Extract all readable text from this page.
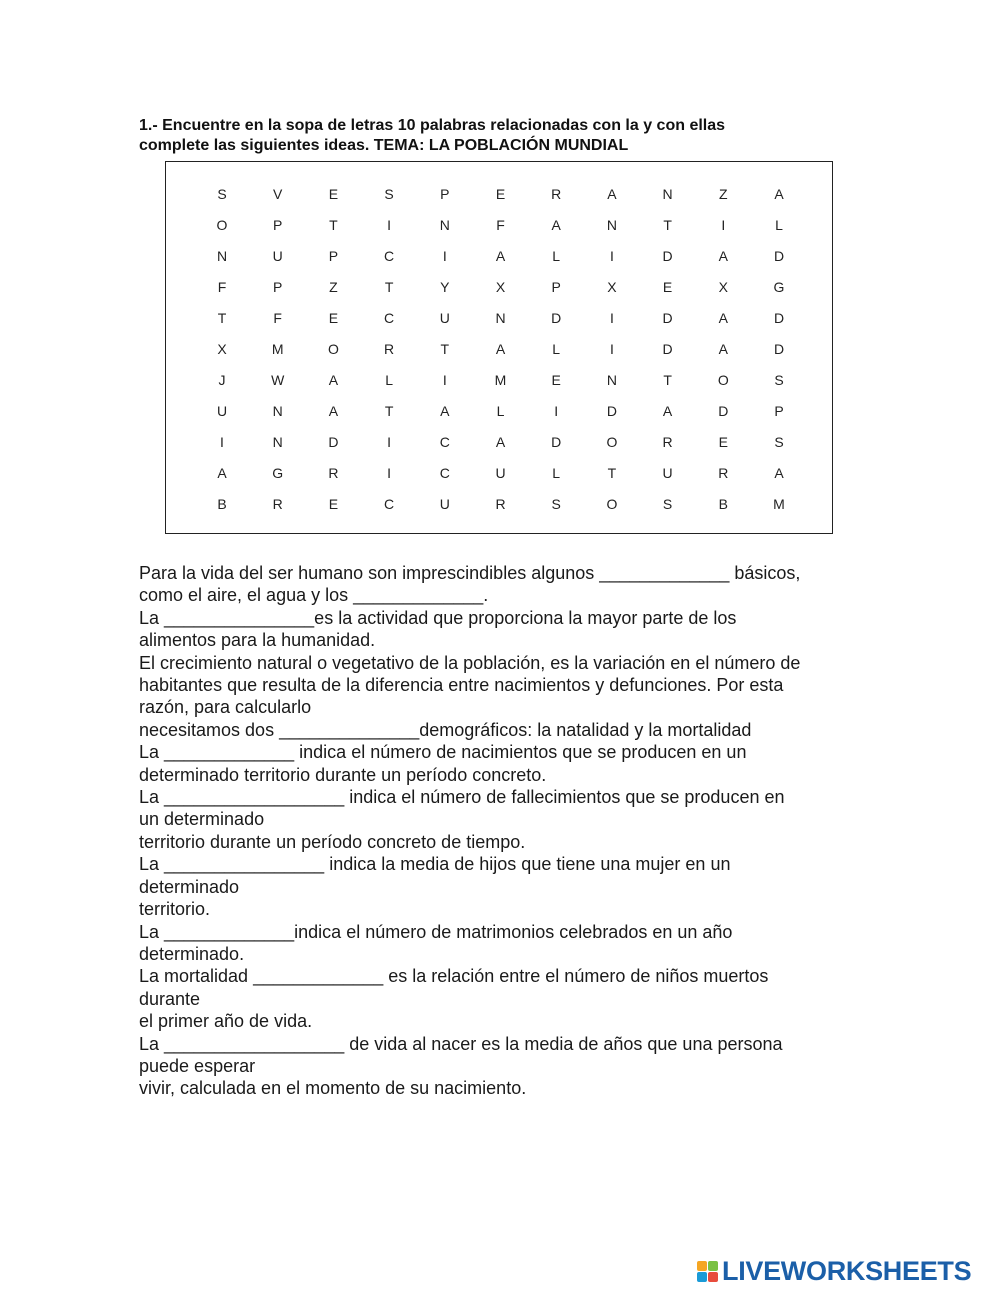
1.- Encuentre en la sopa de letras 10 palabras relacionadas con la y con ellas
complete las siguientes ideas. TEMA: LA POBLACIÓN MUNDIAL
S	V	E	S	P	E	R	A	N	Z	A
O	P	T	I	N	F	A	N	T	I	L
N	U	P	C	I	A	L	I	D	A	D
F	P	Z	T	Y	X	P	X	E	X	G
T	F	E	C	U	N	D	I	D	A	D
X	M	O	R	T	A	L	I	D	A	D
J	W	A	L	I	M	E	N	T	O	S
U	N	A	T	A	L	I	D	A	D	P
I	N	D	I	C	A	D	O	R	E	S
A	G	R	I	C	U	L	T	U	R	A
B	R	E	C	U	R	S	O	S	B	M

Para la vida del ser humano son imprescindibles algunos _____________ básicos,

como el aire, el agua y los _____________.

La _______________es la actividad que proporciona la mayor parte de los

alimentos para la humanidad.

El crecimiento natural o vegetativo de la población, es la variación en el número de

habitantes que resulta de la diferencia entre nacimientos y defunciones. Por esta

razón, para calcularlo

necesitamos dos ______________demográficos: la natalidad y la mortalidad

La _____________ indica el número de nacimientos que se producen en un

determinado territorio durante un período concreto.

La __________________ indica el número de fallecimientos que se producen en

un determinado

territorio durante un período concreto de tiempo.

La ________________ indica la media de hijos que tiene una mujer en un

determinado

territorio.

La _____________indica el número de matrimonios celebrados en un año

determinado.

La mortalidad _____________ es la relación entre el número de niños muertos

durante

el primer año de vida.

La __________________ de vida al nacer es la media de años que una persona

puede esperar

vivir, calculada en el momento de su nacimiento.

LIVEWORKSHEETS
